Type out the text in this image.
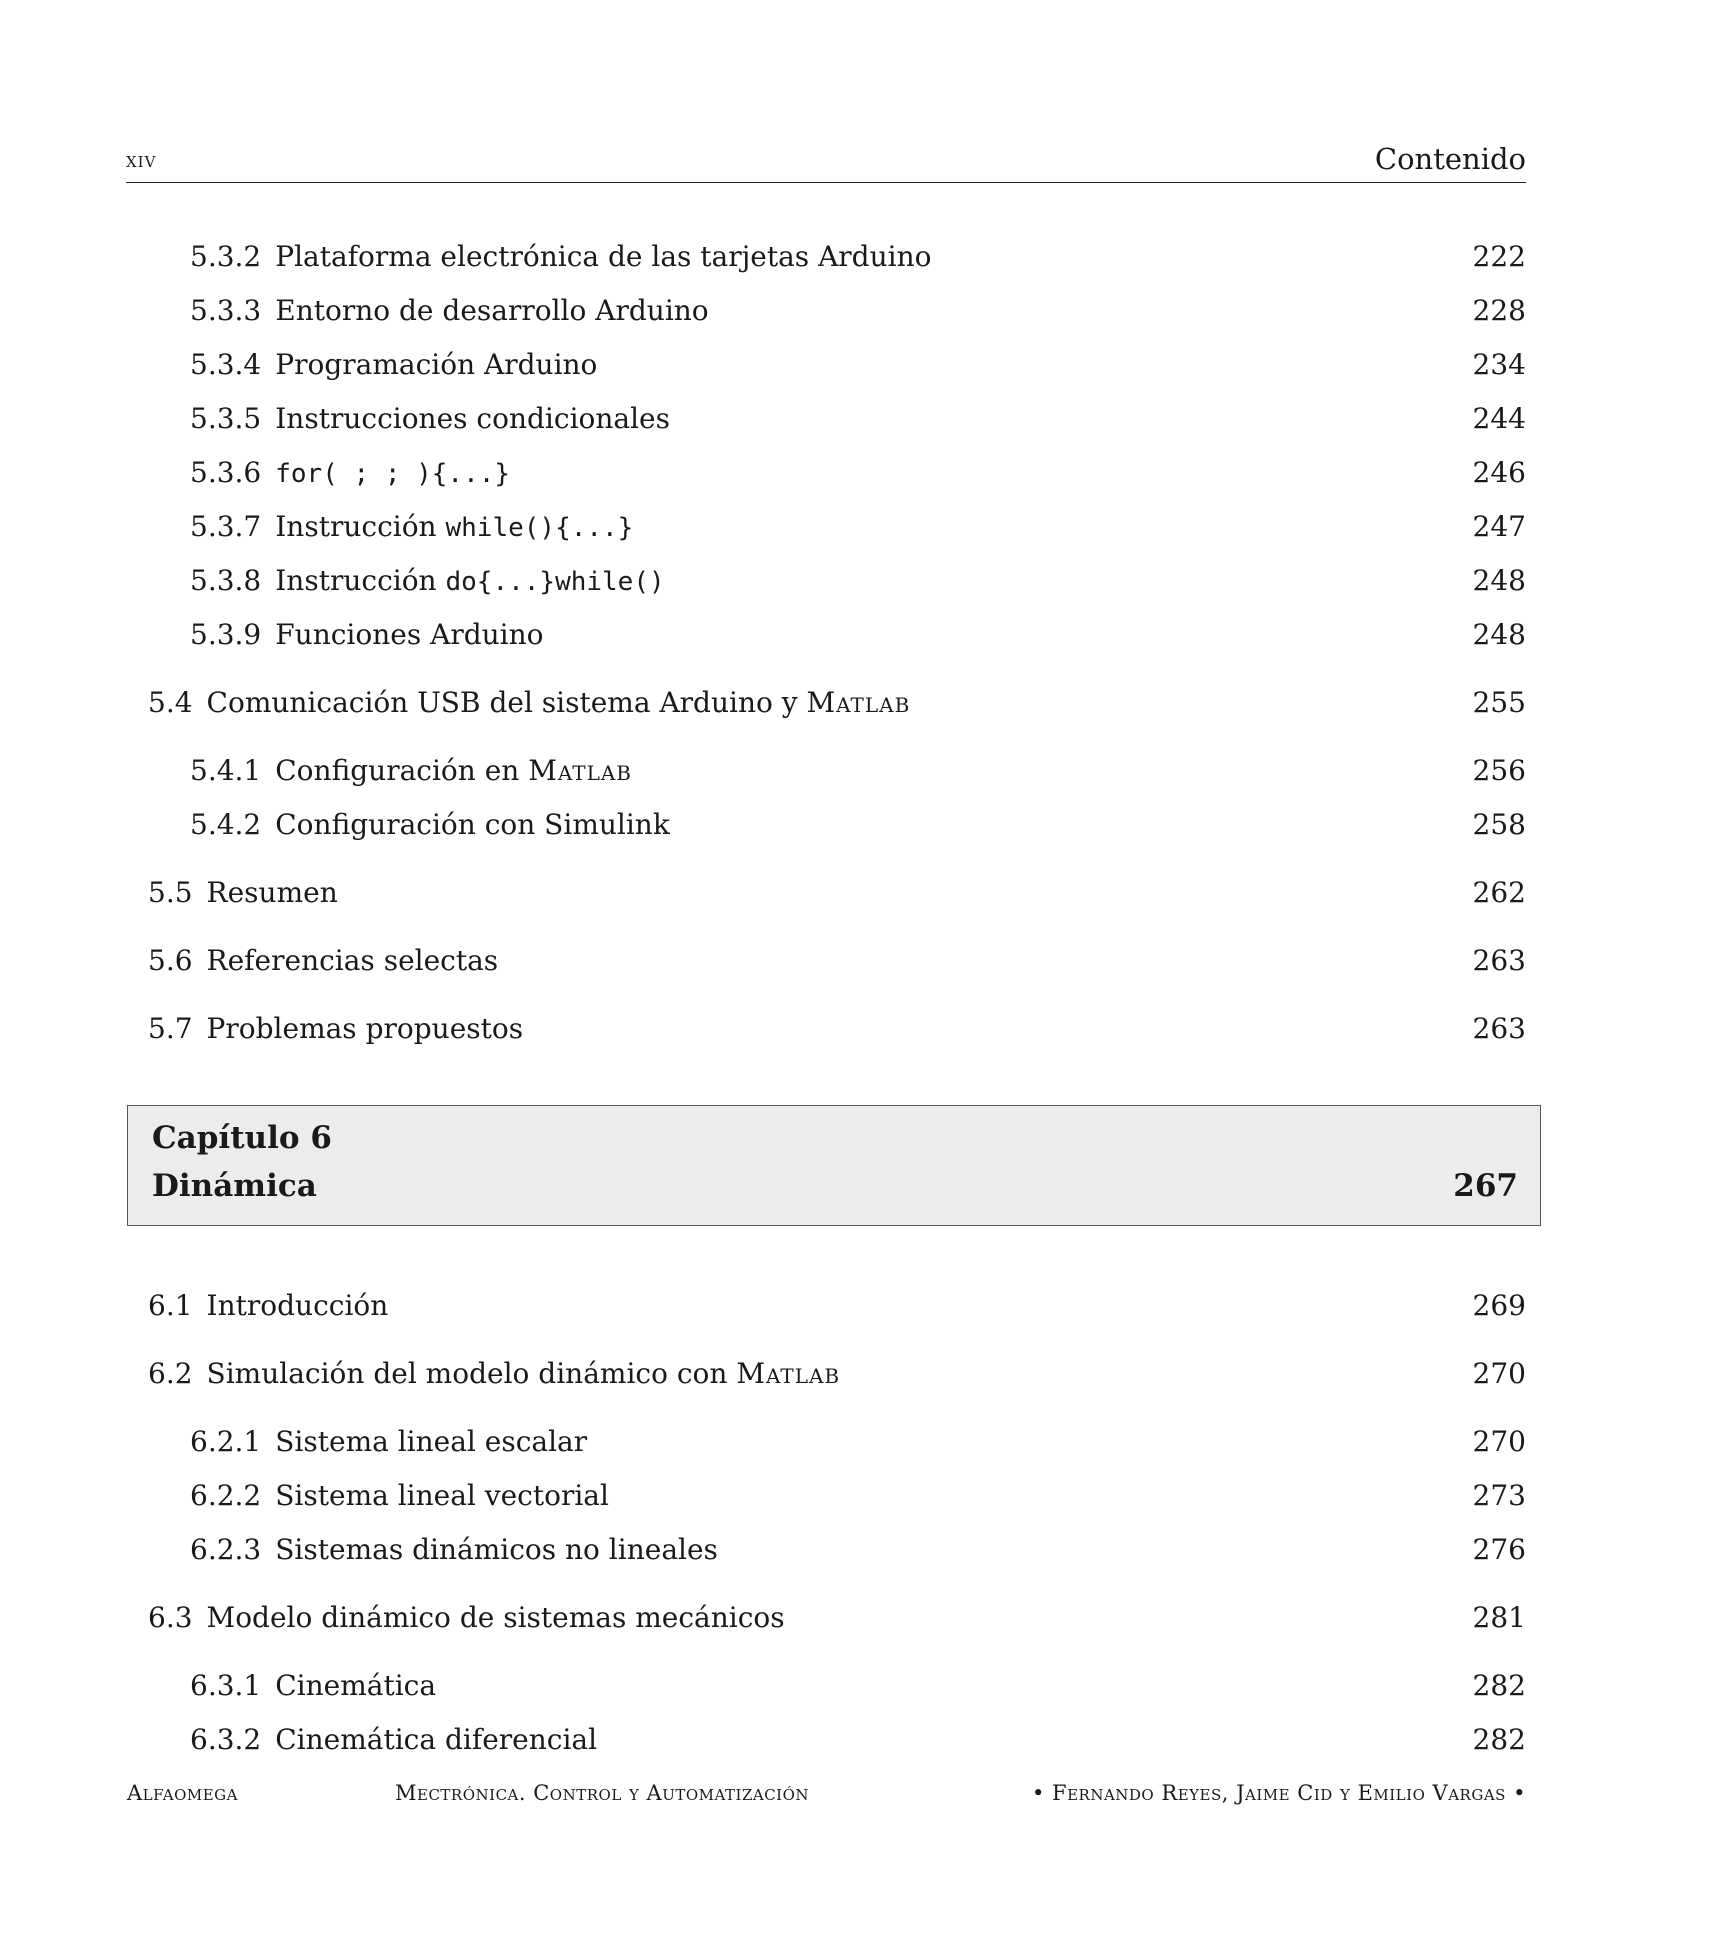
xiv	Contenido
5.3.2 Plataforma electrónica de las tarjetas Arduino	222
5.3.3 Entorno de desarrollo Arduino	228
5.3.4 Programación Arduino	234
5.3.5 Instrucciones condicionales	244
5.3.6 for( ; ; ){...}	246
5.3.7 Instrucción while(){...}	247
5.3.8 Instrucción do{...}while()	248
5.3.9 Funciones Arduino	248
5.4 Comunicación USB del sistema Arduino y Matlab	255
5.4.1 Configuración en Matlab	256
5.4.2 Configuración con Simulink	258
5.5 Resumen	262
5.6 Referencias selectas	263
5.7 Problemas propuestos	263
6.1 Introducción	269
6.2 Simulación del modelo dinámico con Matlab	270
6.2.1 Sistema lineal escalar	270
6.2.2 Sistema lineal vectorial	273
6.2.3 Sistemas dinámicos no lineales	276
6.3 Modelo dinámico de sistemas mecánicos	281
6.3.1 Cinemática	282
6.3.2 Cinemática diferencial	282
Capítulo 6
Dinámica	267
Alfaomega	Mectrónica. Control y Automatización	• Fernando Reyes, Jaime Cid y Emilio Vargas •
